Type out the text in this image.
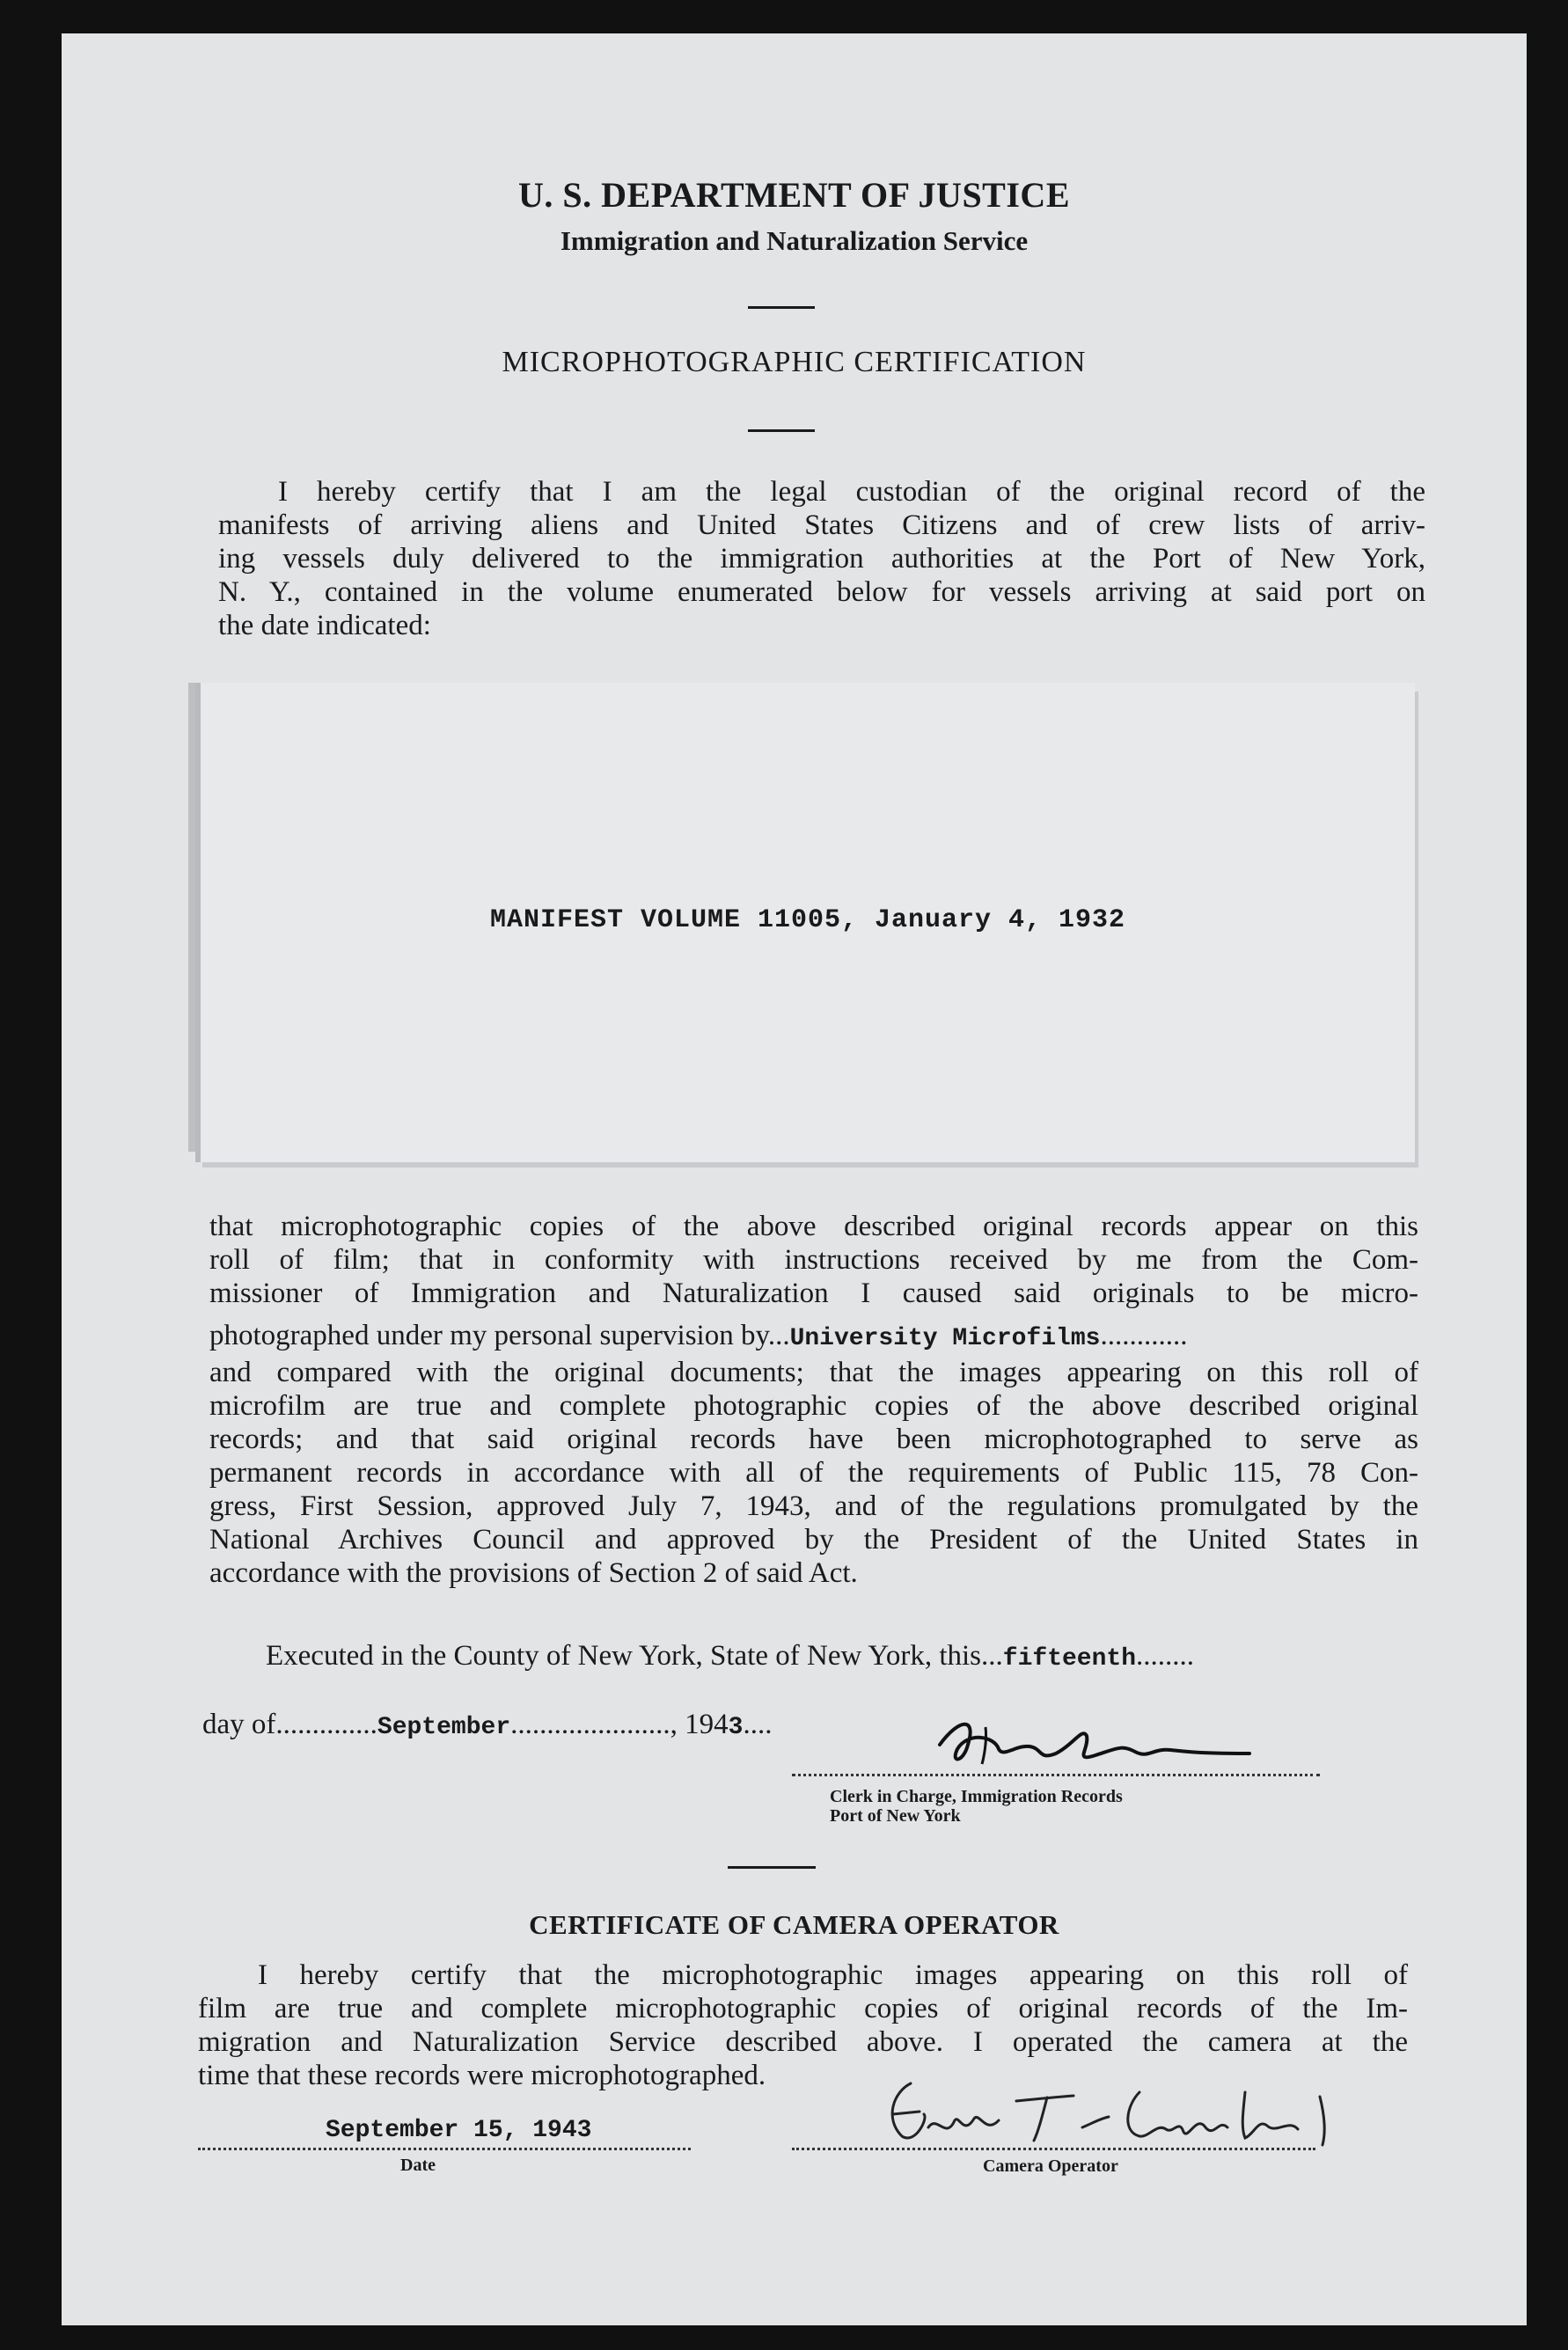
U. S. DEPARTMENT OF JUSTICE
Immigration and Naturalization Service
MICROPHOTOGRAPHIC CERTIFICATION

I hereby certify that I am the legal custodian of the original record of the

manifests of arriving aliens and United States Citizens and of crew lists of arriv-

ing vessels duly delivered to the immigration authorities at the Port of New York,

N. Y., contained in the volume enumerated below for vessels arriving at said port on

the date indicated:

MANIFEST VOLUME 11005, January 4, 1932

that microphotographic copies of the above described original records appear on this

roll of film; that in conformity with instructions received by me from the Com-

missioner of Immigration and Naturalization I caused said originals to be micro-

photographed under my personal supervision by...University Microfilms............

and compared with the original documents; that the images appearing on this roll of

microfilm are true and complete photographic copies of the above described original

records; and that said original records have been microphotographed to serve as

permanent records in accordance with all of the requirements of Public 115, 78 Con-

gress, First Session, approved July 7, 1943, and of the regulations promulgated by the

National Archives Council and approved by the President of the United States in

accordance with the provisions of Section 2 of said Act.

Executed in the County of New York, State of New York, this...fifteenth........
day of..............September......................, 1943....
Clerk in Charge, Immigration Records
Port of New York
CERTIFICATE OF CAMERA OPERATOR

I hereby certify that the microphotographic images appearing on this roll of

film are true and complete microphotographic copies of original records of the Im-

migration and Naturalization Service described above. I operated the camera at the

time that these records were microphotographed.

September 15, 1943
Date	Camera Operator
